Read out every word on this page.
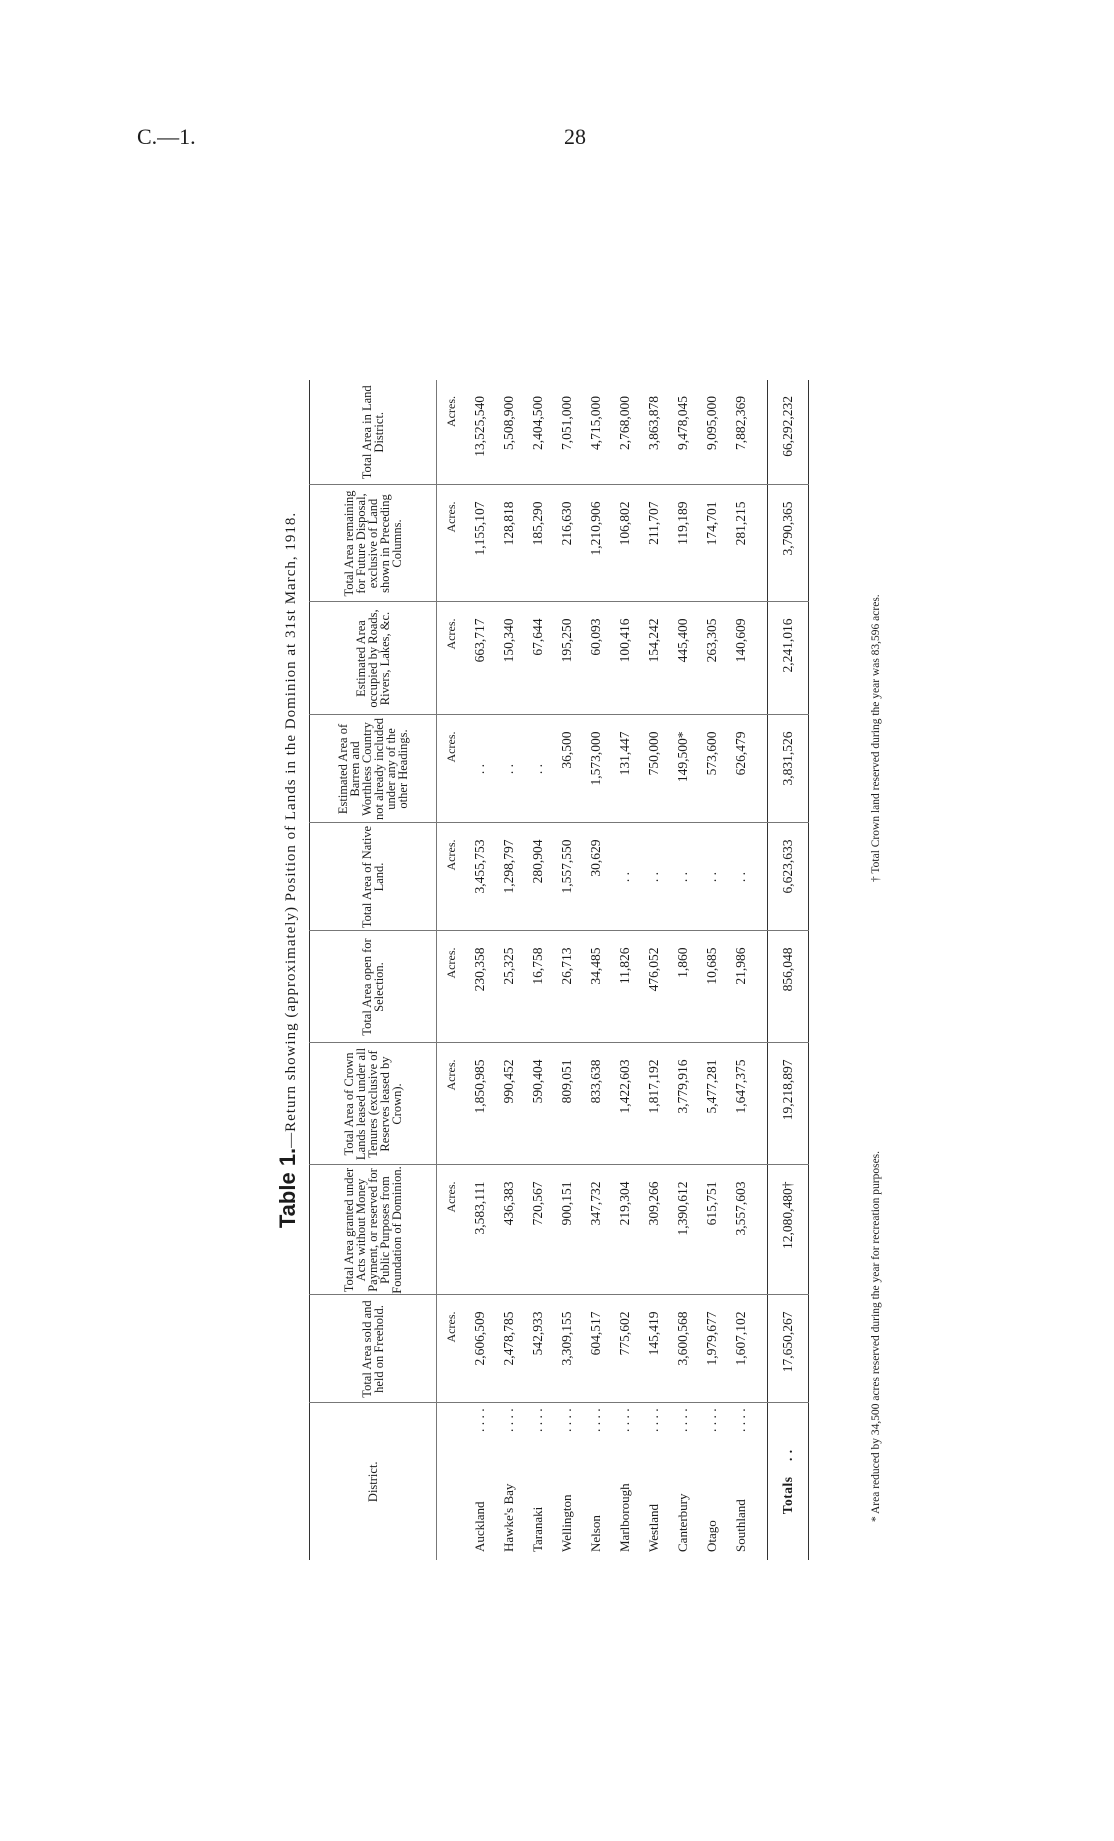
C.—1.	28
Table 1.—Return showing (approximately) Position of Lands in the Dominion at 31st March, 1918.
District.	Total Area sold and held on Freehold.	Total Area granted under Acts without Money Payment, or reserved for Public Purposes from Foundation of Dominion.	Total Area of Crown Lands leased under all Tenures (exclusive of Reserves leased by Crown).	Total Area open for Selection.	Total Area of Native Land.	Estimated Area of Barren and Worthless Country not already included under any of the other Headings.	Estimated Area occupied by Roads, Rivers, Lakes, &c.	Total Area remaining for Future Disposal, exclusive of Land shown in Preceding Columns.	Total Area in Land District.
	Acres.	Acres.	Acres.	Acres.	Acres.	Acres.	Acres.	Acres.	Acres.
Auckland. . . .	2,606,509	3,583,111	1,850,985	230,358	3,455,753	. .	663,717	1,155,107	13,525,540
Hawke's Bay. . . .	2,478,785	436,383	990,452	25,325	1,298,797	. .	150,340	128,818	5,508,900
Taranaki. . . .	542,933	720,567	590,404	16,758	280,904	. .	67,644	185,290	2,404,500
Wellington. . . .	3,309,155	900,151	809,051	26,713	1,557,550	36,500	195,250	216,630	7,051,000
Nelson. . . .	604,517	347,732	833,638	34,485	30,629	1,573,000	60,093	1,210,906	4,715,000
Marlborough. . . .	775,602	219,304	1,422,603	11,826	. .	131,447	100,416	106,802	2,768,000
Westland. . . .	145,419	309,266	1,817,192	476,052	. .	750,000	154,242	211,707	3,863,878
Canterbury. . . .	3,600,568	1,390,612	3,779,916	1,860	. .	149,500*	445,400	119,189	9,478,045
Otago. . . .	1,979,677	615,751	5,477,281	10,685	. .	573,600	263,305	174,701	9,095,000
Southland. . . .	1,607,102	3,557,603	1,647,375	21,986	. .	626,479	140,609	281,215	7,882,369

Totals    . .	17,650,267	12,080,480†	19,218,897	856,048	6,623,633	3,831,526	2,241,016	3,790,365	66,292,232
* Area reduced by 34,500 acres reserved during the year for recreation purposes.
† Total Crown land reserved during the year was 83,596 acres.
